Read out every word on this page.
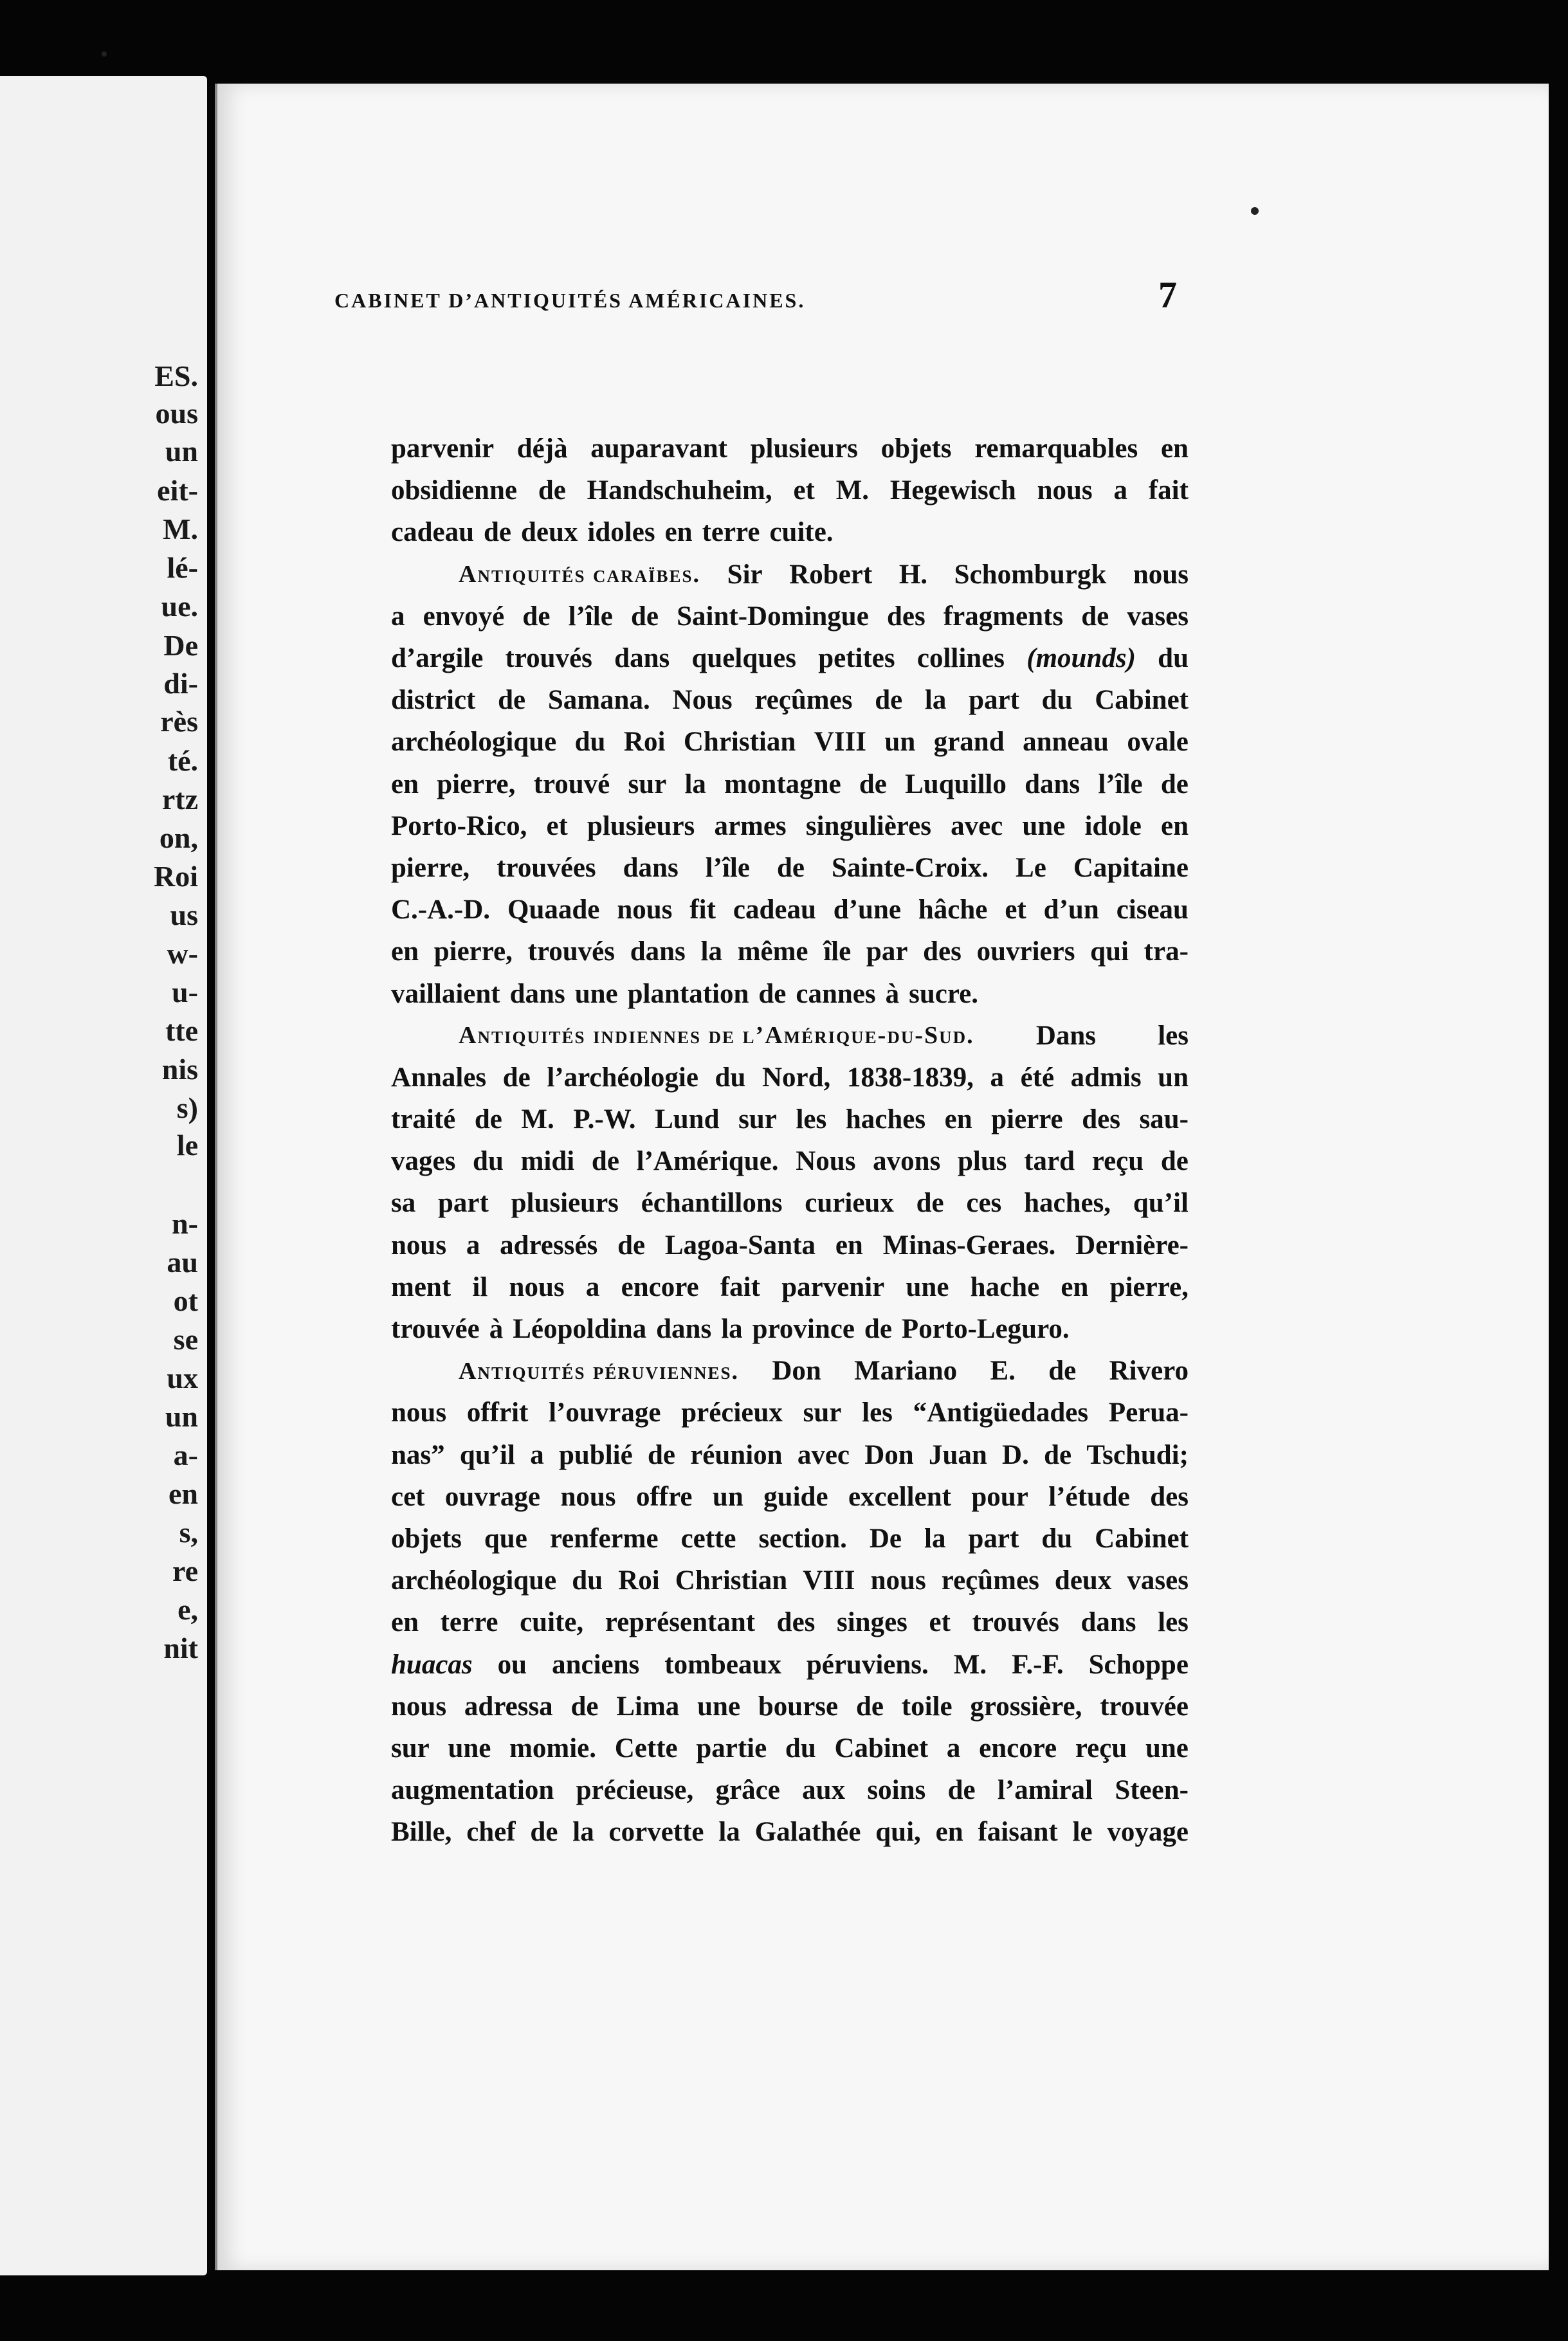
ES.
ous
un
eit-
M.
lé-
ue.
De
di-
rès
té.
rtz
on,
Roi
us
w-
u-
tte
nis
s)
le
n-
au
ot
se
ux
un
a-
en
s,
re
e,
nit
CABINET D’ANTIQUITÉS AMÉRICAINES.	7
parvenir déjà auparavant plusieurs objets remarquables en
obsidienne de Handschuheim, et M. Hegewisch nous a fait
cadeau de deux idoles en terre cuite.
Antiquités caraïbes. Sir Robert H. Schomburgk nous
a envoyé de l’île de Saint-Domingue des fragments de vases
d’argile trouvés dans quelques petites collines (mounds) du
district de Samana. Nous reçûmes de la part du Cabinet
archéologique du Roi Christian VIII un grand anneau ovale
en pierre, trouvé sur la montagne de Luquillo dans l’île de
Porto-Rico, et plusieurs armes singulières avec une idole en
pierre, trouvées dans l’île de Sainte-Croix. Le Capitaine
C.-A.-D. Quaade nous fit cadeau d’une hâche et d’un ciseau
en pierre, trouvés dans la même île par des ouvriers qui tra-
vaillaient dans une plantation de cannes à sucre.
Antiquités indiennes de l’Amérique-du-Sud. Dans les
Annales de l’archéologie du Nord, 1838-1839, a été admis un
traité de M. P.-W. Lund sur les haches en pierre des sau-
vages du midi de l’Amérique. Nous avons plus tard reçu de
sa part plusieurs échantillons curieux de ces haches, qu’il
nous a adressés de Lagoa-Santa en Minas-Geraes. Dernière-
ment il nous a encore fait parvenir une hache en pierre,
trouvée à Léopoldina dans la province de Porto-Leguro.
Antiquités péruviennes. Don Mariano E. de Rivero
nous offrit l’ouvrage précieux sur les “Antigüedades Perua-
nas” qu’il a publié de réunion avec Don Juan D. de Tschudi;
cet ouvrage nous offre un guide excellent pour l’étude des
objets que renferme cette section. De la part du Cabinet
archéologique du Roi Christian VIII nous reçûmes deux vases
en terre cuite, représentant des singes et trouvés dans les
huacas ou anciens tombeaux péruviens. M. F.-F. Schoppe
nous adressa de Lima une bourse de toile grossière, trouvée
sur une momie. Cette partie du Cabinet a encore reçu une
augmentation précieuse, grâce aux soins de l’amiral Steen-
Bille, chef de la corvette la Galathée qui, en faisant le voyage
